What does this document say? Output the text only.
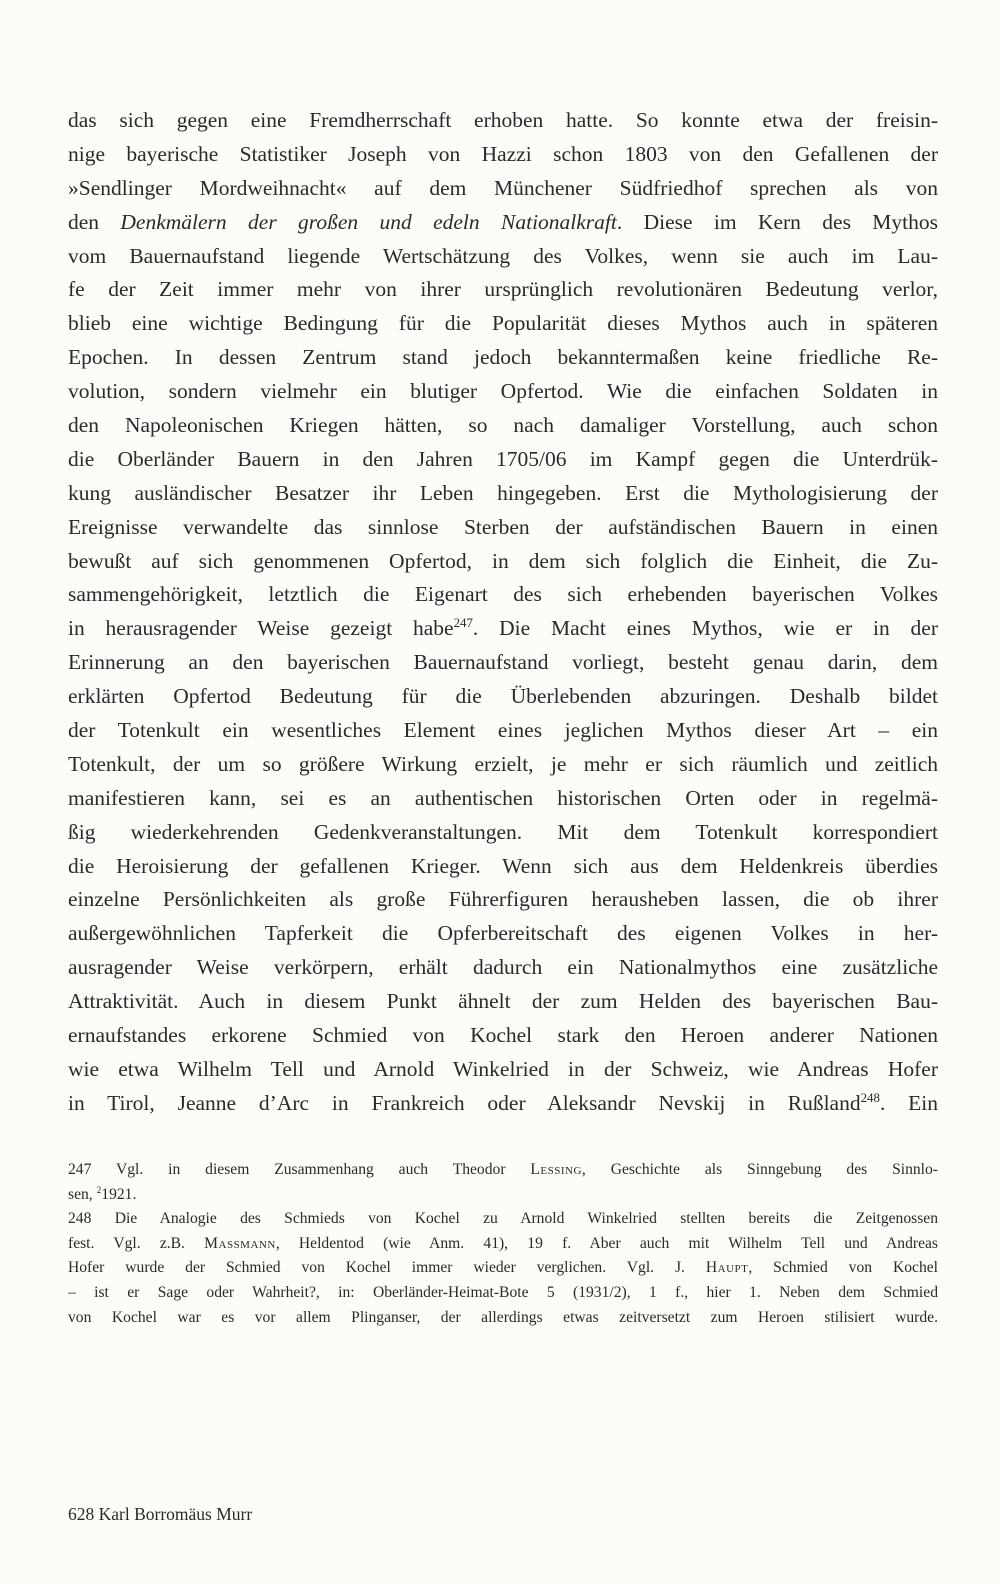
das sich gegen eine Fremdherrschaft erhoben hatte. So konnte etwa der freisin-
nige bayerische Statistiker Joseph von Hazzi schon 1803 von den Gefallenen der
»Sendlinger Mordweihnacht« auf dem Münchener Südfriedhof sprechen als von
den Denkmälern der großen und edeln Nationalkraft. Diese im Kern des Mythos
vom Bauernaufstand liegende Wertschätzung des Volkes, wenn sie auch im Lau-
fe der Zeit immer mehr von ihrer ursprünglich revolutionären Bedeutung verlor,
blieb eine wichtige Bedingung für die Popularität dieses Mythos auch in späteren
Epochen. In dessen Zentrum stand jedoch bekanntermaßen keine friedliche Re-
volution, sondern vielmehr ein blutiger Opfertod. Wie die einfachen Soldaten in
den Napoleonischen Kriegen hätten, so nach damaliger Vorstellung, auch schon
die Oberländer Bauern in den Jahren 1705/06 im Kampf gegen die Unterdrük-
kung ausländischer Besatzer ihr Leben hingegeben. Erst die Mythologisierung der
Ereignisse verwandelte das sinnlose Sterben der aufständischen Bauern in einen
bewußt auf sich genommenen Opfertod, in dem sich folglich die Einheit, die Zu-
sammengehörigkeit, letztlich die Eigenart des sich erhebenden bayerischen Volkes
in herausragender Weise gezeigt habe$^{247}$. Die Macht eines Mythos, wie er in der
Erinnerung an den bayerischen Bauernaufstand vorliegt, besteht genau darin, dem
erklärten Opfertod Bedeutung für die Überlebenden abzuringen. Deshalb bildet
der Totenkult ein wesentliches Element eines jeglichen Mythos dieser Art – ein
Totenkult, der um so größere Wirkung erzielt, je mehr er sich räumlich und zeitlich
manifestieren kann, sei es an authentischen historischen Orten oder in regelmä-
ßig wiederkehrenden Gedenkveranstaltungen. Mit dem Totenkult korrespondiert
die Heroisierung der gefallenen Krieger. Wenn sich aus dem Heldenkreis überdies
einzelne Persönlichkeiten als große Führerfiguren herausheben lassen, die ob ihrer
außergewöhnlichen Tapferkeit die Opferbereitschaft des eigenen Volkes in her-
ausragender Weise verkörpern, erhält dadurch ein Nationalmythos eine zusätzliche
Attraktivität. Auch in diesem Punkt ähnelt der zum Helden des bayerischen Bau-
ernaufstandes erkorene Schmied von Kochel stark den Heroen anderer Nationen
wie etwa Wilhelm Tell und Arnold Winkelried in der Schweiz, wie Andreas Hofer
in Tirol, Jeanne d’Arc in Frankreich oder Aleksandr Nevskij in Rußland$^{248}$. Ein
247 Vgl. in diesem Zusammenhang auch Theodor Lessing, Geschichte als Sinngebung des Sinnlo-
sen, $^2$1921.
248 Die Analogie des Schmieds von Kochel zu Arnold Winkelried stellten bereits die Zeitgenossen
fest. Vgl. z.B. Massmann, Heldentod (wie Anm. 41), 19 f. Aber auch mit Wilhelm Tell und Andreas
Hofer wurde der Schmied von Kochel immer wieder verglichen. Vgl. J. Haupt, Schmied von Kochel
– ist er Sage oder Wahrheit?, in: Oberländer-Heimat-Bote 5 (1931/2), 1 f., hier 1. Neben dem Schmied
von Kochel war es vor allem Plinganser, der allerdings etwas zeitversetzt zum Heroen stilisiert wurde.
628 Karl Borromäus Murr
